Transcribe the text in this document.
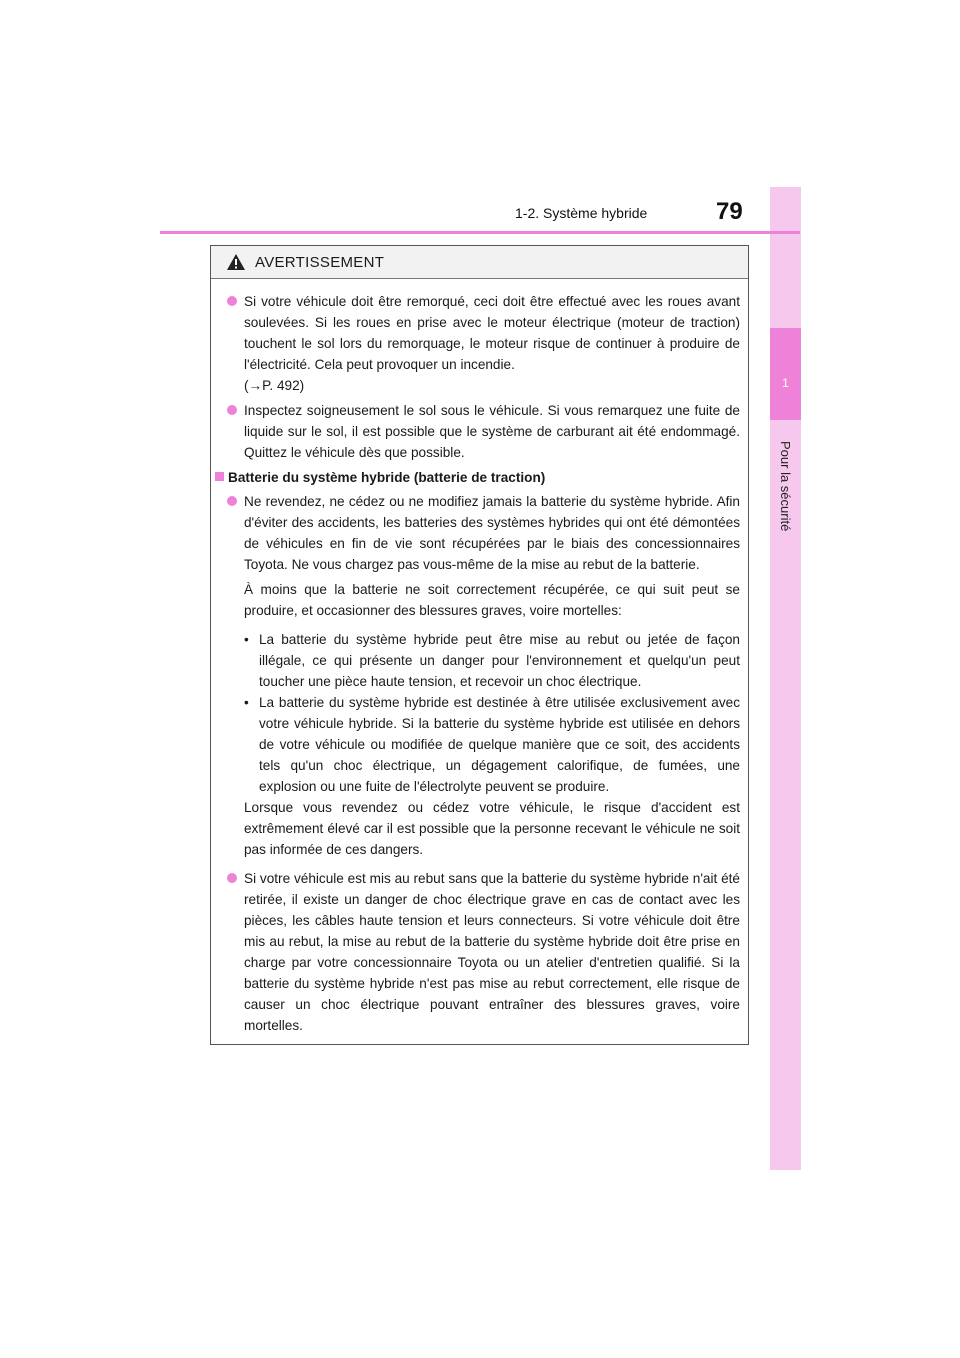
1
Pour la sécurité
1-2. Système hybride	79
AVERTISSEMENT
Si votre véhicule doit être remorqué, ceci doit être effectué avec les roues avant soulevées. Si les roues en prise avec le moteur électrique (moteur de traction) touchent le sol lors du remorquage, le moteur risque de continuer à produire de l'électricité. Cela peut provoquer un incendie.
(→P. 492)
Inspectez soigneusement le sol sous le véhicule. Si vous remarquez une fuite de liquide sur le sol, il est possible que le système de carburant ait été endommagé. Quittez le véhicule dès que possible.
Batterie du système hybride (batterie de traction)
Ne revendez, ne cédez ou ne modifiez jamais la batterie du système hybride. Afin d'éviter des accidents, les batteries des systèmes hybrides qui ont été démontées de véhicules en fin de vie sont récupérées par le biais des concessionnaires Toyota. Ne vous chargez pas vous-même de la mise au rebut de la batterie.
À moins que la batterie ne soit correctement récupérée, ce qui suit peut se produire, et occasionner des blessures graves, voire mortelles:
• La batterie du système hybride peut être mise au rebut ou jetée de façon illégale, ce qui présente un danger pour l'environnement et quelqu'un peut toucher une pièce haute tension, et recevoir un choc électrique.
• La batterie du système hybride est destinée à être utilisée exclusivement avec votre véhicule hybride. Si la batterie du système hybride est utilisée en dehors de votre véhicule ou modifiée de quelque manière que ce soit, des accidents tels qu'un choc électrique, un dégagement calorifique, de fumées, une explosion ou une fuite de l'électrolyte peuvent se produire.
Lorsque vous revendez ou cédez votre véhicule, le risque d'accident est extrêmement élevé car il est possible que la personne recevant le véhicule ne soit pas informée de ces dangers.
Si votre véhicule est mis au rebut sans que la batterie du système hybride n'ait été retirée, il existe un danger de choc électrique grave en cas de contact avec les pièces, les câbles haute tension et leurs connecteurs. Si votre véhicule doit être mis au rebut, la mise au rebut de la batterie du système hybride doit être prise en charge par votre concessionnaire Toyota ou un atelier d'entretien qualifié. Si la batterie du système hybride n'est pas mise au rebut correctement, elle risque de causer un choc électrique pouvant entraîner des blessures graves, voire mortelles.
